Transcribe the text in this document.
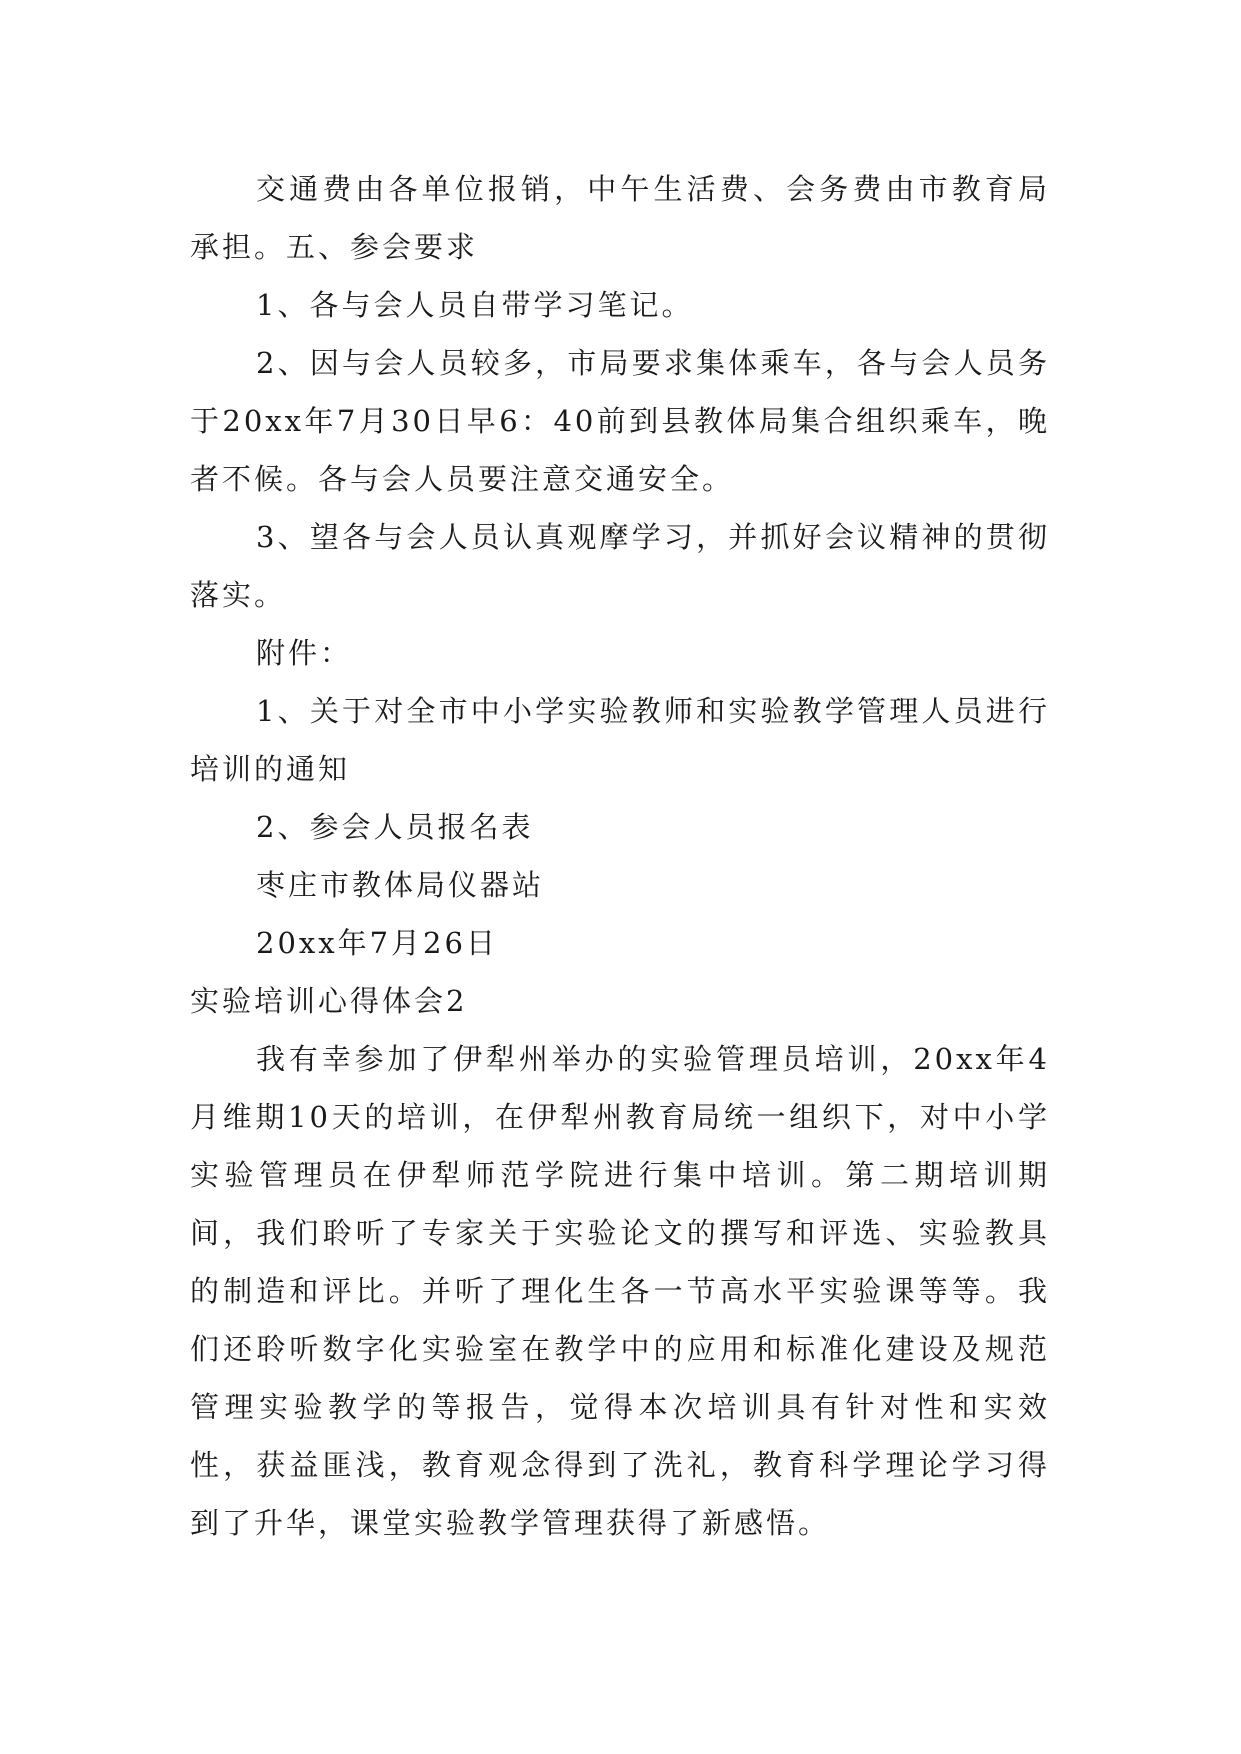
交通费由各单位报销，中午生活费、会务费由市教育局承担。五、参会要求

1、各与会人员自带学习笔记。

2、因与会人员较多，市局要求集体乘车，各与会人员务于20xx年7月30日早6：40前到县教体局集合组织乘车，晚者不候。各与会人员要注意交通安全。

3、望各与会人员认真观摩学习，并抓好会议精神的贯彻落实。

附件：

1、关于对全市中小学实验教师和实验教学管理人员进行培训的通知

2、参会人员报名表

枣庄市教体局仪器站

20xx年7月26日

实验培训心得体会2

我有幸参加了伊犁州举办的实验管理员培训，20xx年4月维期10天的培训，在伊犁州教育局统一组织下，对中小学实验管理员在伊犁师范学院进行集中培训。第二期培训期间，我们聆听了专家关于实验论文的撰写和评选、实验教具的制造和评比。并听了理化生各一节高水平实验课等等。我们还聆听数字化实验室在教学中的应用和标准化建设及规范管理实验教学的等报告，觉得本次培训具有针对性和实效性，获益匪浅，教育观念得到了洗礼，教育科学理论学习得到了升华，课堂实验教学管理获得了新感悟。
